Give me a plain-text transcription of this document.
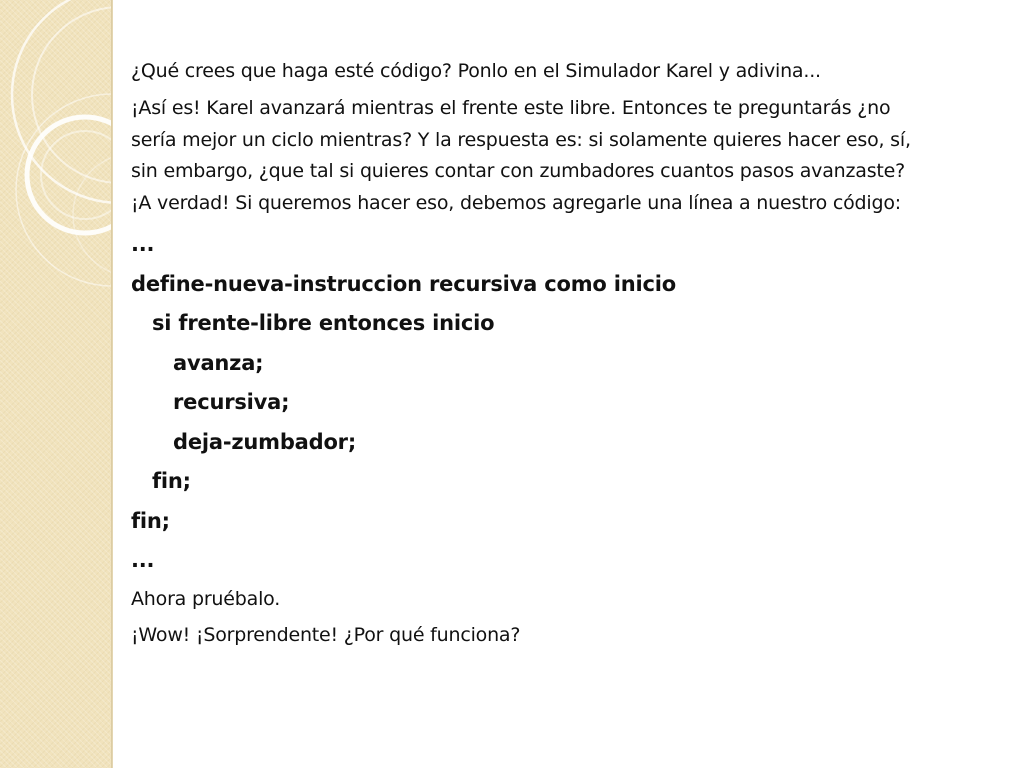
¿Qué crees que haga esté código? Ponlo en el Simulador Karel y adivina...

¡Así es! Karel avanzará mientras el frente este libre. Entonces te preguntarás ¿no
sería mejor un ciclo mientras? Y la respuesta es: si solamente quieres hacer eso, sí,
sin embargo, ¿que tal si quieres contar con zumbadores cuantos pasos avanzaste?
¡A verdad! Si queremos hacer eso, debemos agregarle una línea a nuestro código:
...
define-nueva-instruccion recursiva como inicio
si frente-libre entonces inicio
avanza;
recursiva;
deja-zumbador;
fin;
fin;
...

Ahora pruébalo.

¡Wow! ¡Sorprendente! ¿Por qué funciona?
